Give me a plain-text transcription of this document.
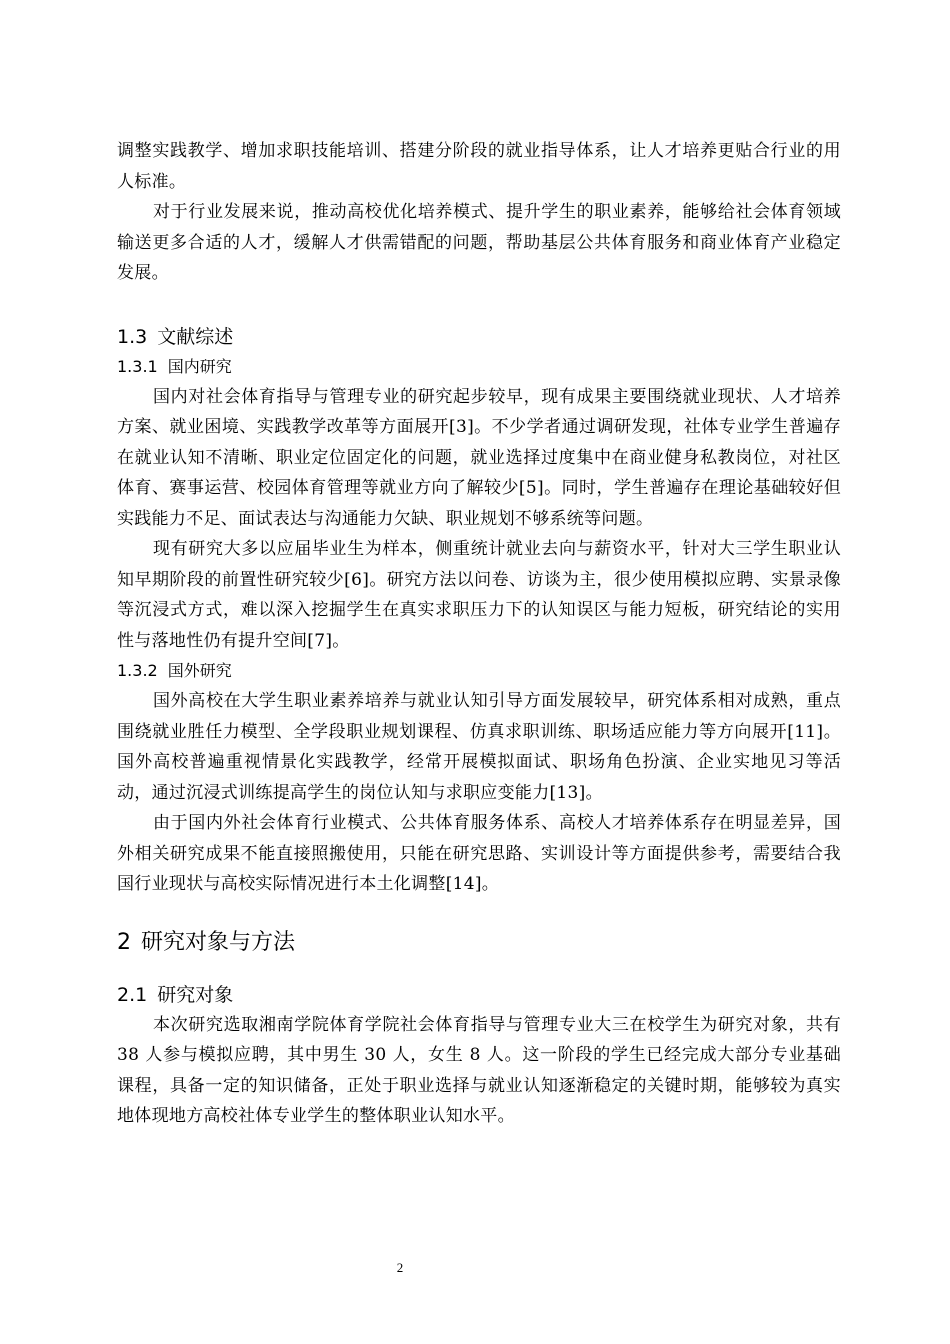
调整实践教学、增加求职技能培训、搭建分阶段的就业指导体系，让人才培养更贴合行业的用人标准。

对于行业发展来说，推动高校优化培养模式、提升学生的职业素养，能够给社会体育领域输送更多合适的人才，缓解人才供需错配的问题，帮助基层公共体育服务和商业体育产业稳定发展。

1.3 文献综述
1.3.1 国内研究

国内对社会体育指导与管理专业的研究起步较早，现有成果主要围绕就业现状、人才培养方案、就业困境、实践教学改革等方面展开[3]。不少学者通过调研发现，社体专业学生普遍存在就业认知不清晰、职业定位固定化的问题，就业选择过度集中在商业健身私教岗位，对社区体育、赛事运营、校园体育管理等就业方向了解较少[5]。同时，学生普遍存在理论基础较好但实践能力不足、面试表达与沟通能力欠缺、职业规划不够系统等问题。

现有研究大多以应届毕业生为样本，侧重统计就业去向与薪资水平，针对大三学生职业认知早期阶段的前置性研究较少[6]。研究方法以问卷、访谈为主，很少使用模拟应聘、实景录像等沉浸式方式，难以深入挖掘学生在真实求职压力下的认知误区与能力短板，研究结论的实用性与落地性仍有提升空间[7]。

1.3.2 国外研究

国外高校在大学生职业素养培养与就业认知引导方面发展较早，研究体系相对成熟，重点围绕就业胜任力模型、全学段职业规划课程、仿真求职训练、职场适应能力等方向展开[11]。国外高校普遍重视情景化实践教学，经常开展模拟面试、职场角色扮演、企业实地见习等活动，通过沉浸式训练提高学生的岗位认知与求职应变能力[13]。

由于国内外社会体育行业模式、公共体育服务体系、高校人才培养体系存在明显差异，国外相关研究成果不能直接照搬使用，只能在研究思路、实训设计等方面提供参考，需要结合我国行业现状与高校实际情况进行本土化调整[14]。

2 研究对象与方法
2.1 研究对象

本次研究选取湘南学院体育学院社会体育指导与管理专业大三在校学生为研究对象，共有 38 人参与模拟应聘，其中男生 30 人，女生 8 人。这一阶段的学生已经完成大部分专业基础课程，具备一定的知识储备，正处于职业选择与就业认知逐渐稳定的关键时期，能够较为真实地体现地方高校社体专业学生的整体职业认知水平。

2
